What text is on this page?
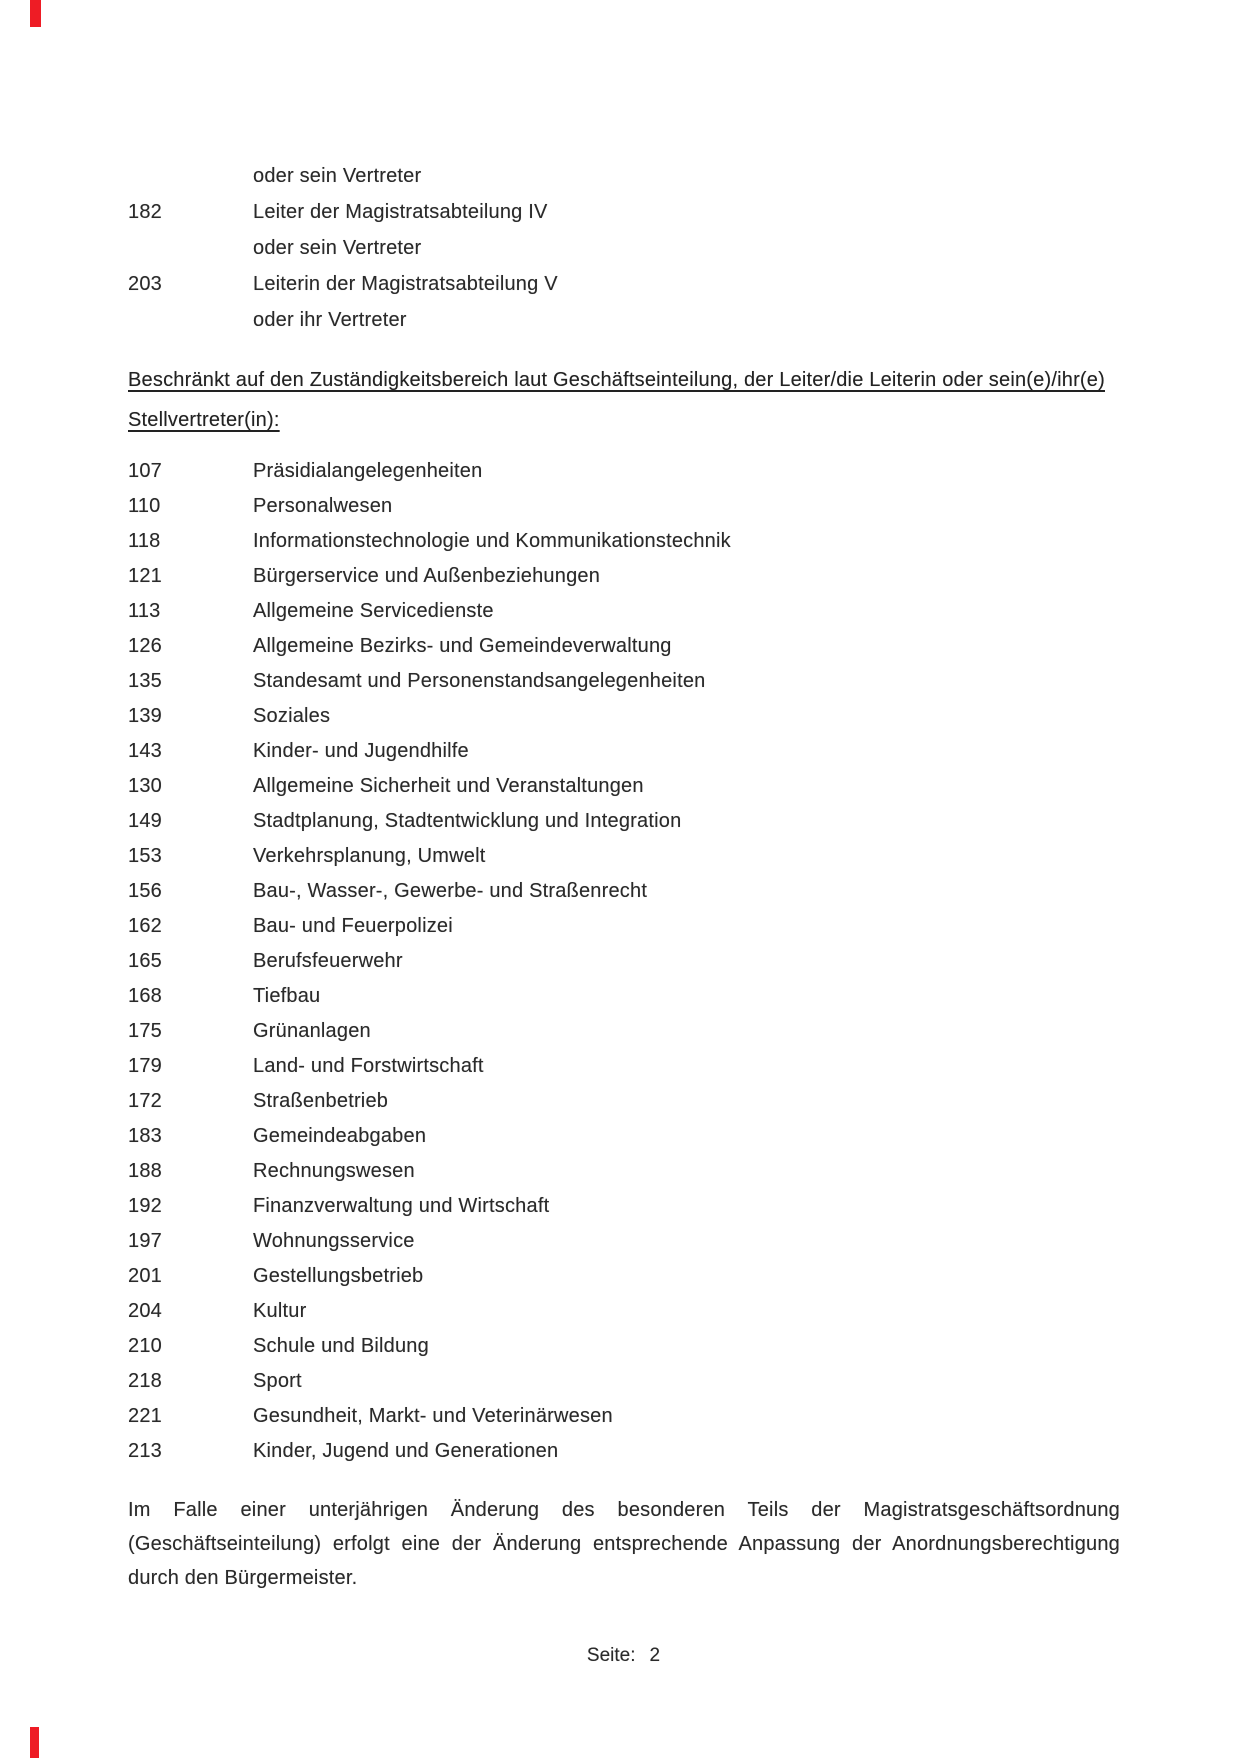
oder sein Vertreter
182	Leiter der Magistratsabteilung IV
oder sein Vertreter
203	Leiterin der Magistratsabteilung V
oder ihr Vertreter
Beschränkt auf den Zuständigkeitsbereich laut Geschäftseinteilung, der Leiter/die Leiterin oder sein(e)/ihr(e)
Stellvertreter(in):
107	Präsidialangelegenheiten
110	Personalwesen
118	Informationstechnologie und Kommunikationstechnik
121	Bürgerservice und Außenbeziehungen
113	Allgemeine Servicedienste
126	Allgemeine Bezirks- und Gemeindeverwaltung
135	Standesamt und Personenstandsangelegenheiten
139	Soziales
143	Kinder- und Jugendhilfe
130	Allgemeine Sicherheit und Veranstaltungen
149	Stadtplanung, Stadtentwicklung und Integration
153	Verkehrsplanung, Umwelt
156	Bau-, Wasser-, Gewerbe- und Straßenrecht
162	Bau- und Feuerpolizei
165	Berufsfeuerwehr
168	Tiefbau
175	Grünanlagen
179	Land- und Forstwirtschaft
172	Straßenbetrieb
183	Gemeindeabgaben
188	Rechnungswesen
192	Finanzverwaltung und Wirtschaft
197	Wohnungsservice
201	Gestellungsbetrieb
204	Kultur
210	Schule und Bildung
218	Sport
221	Gesundheit, Markt- und Veterinärwesen
213	Kinder, Jugend und Generationen

Im Falle einer unterjährigen Änderung des besonderen Teils der Magistratsgeschäftsordnung (Geschäftseinteilung) erfolgt eine der Änderung entsprechende Anpassung der Anordnungsberechtigung durch den Bürgermeister.

Seite: 2
